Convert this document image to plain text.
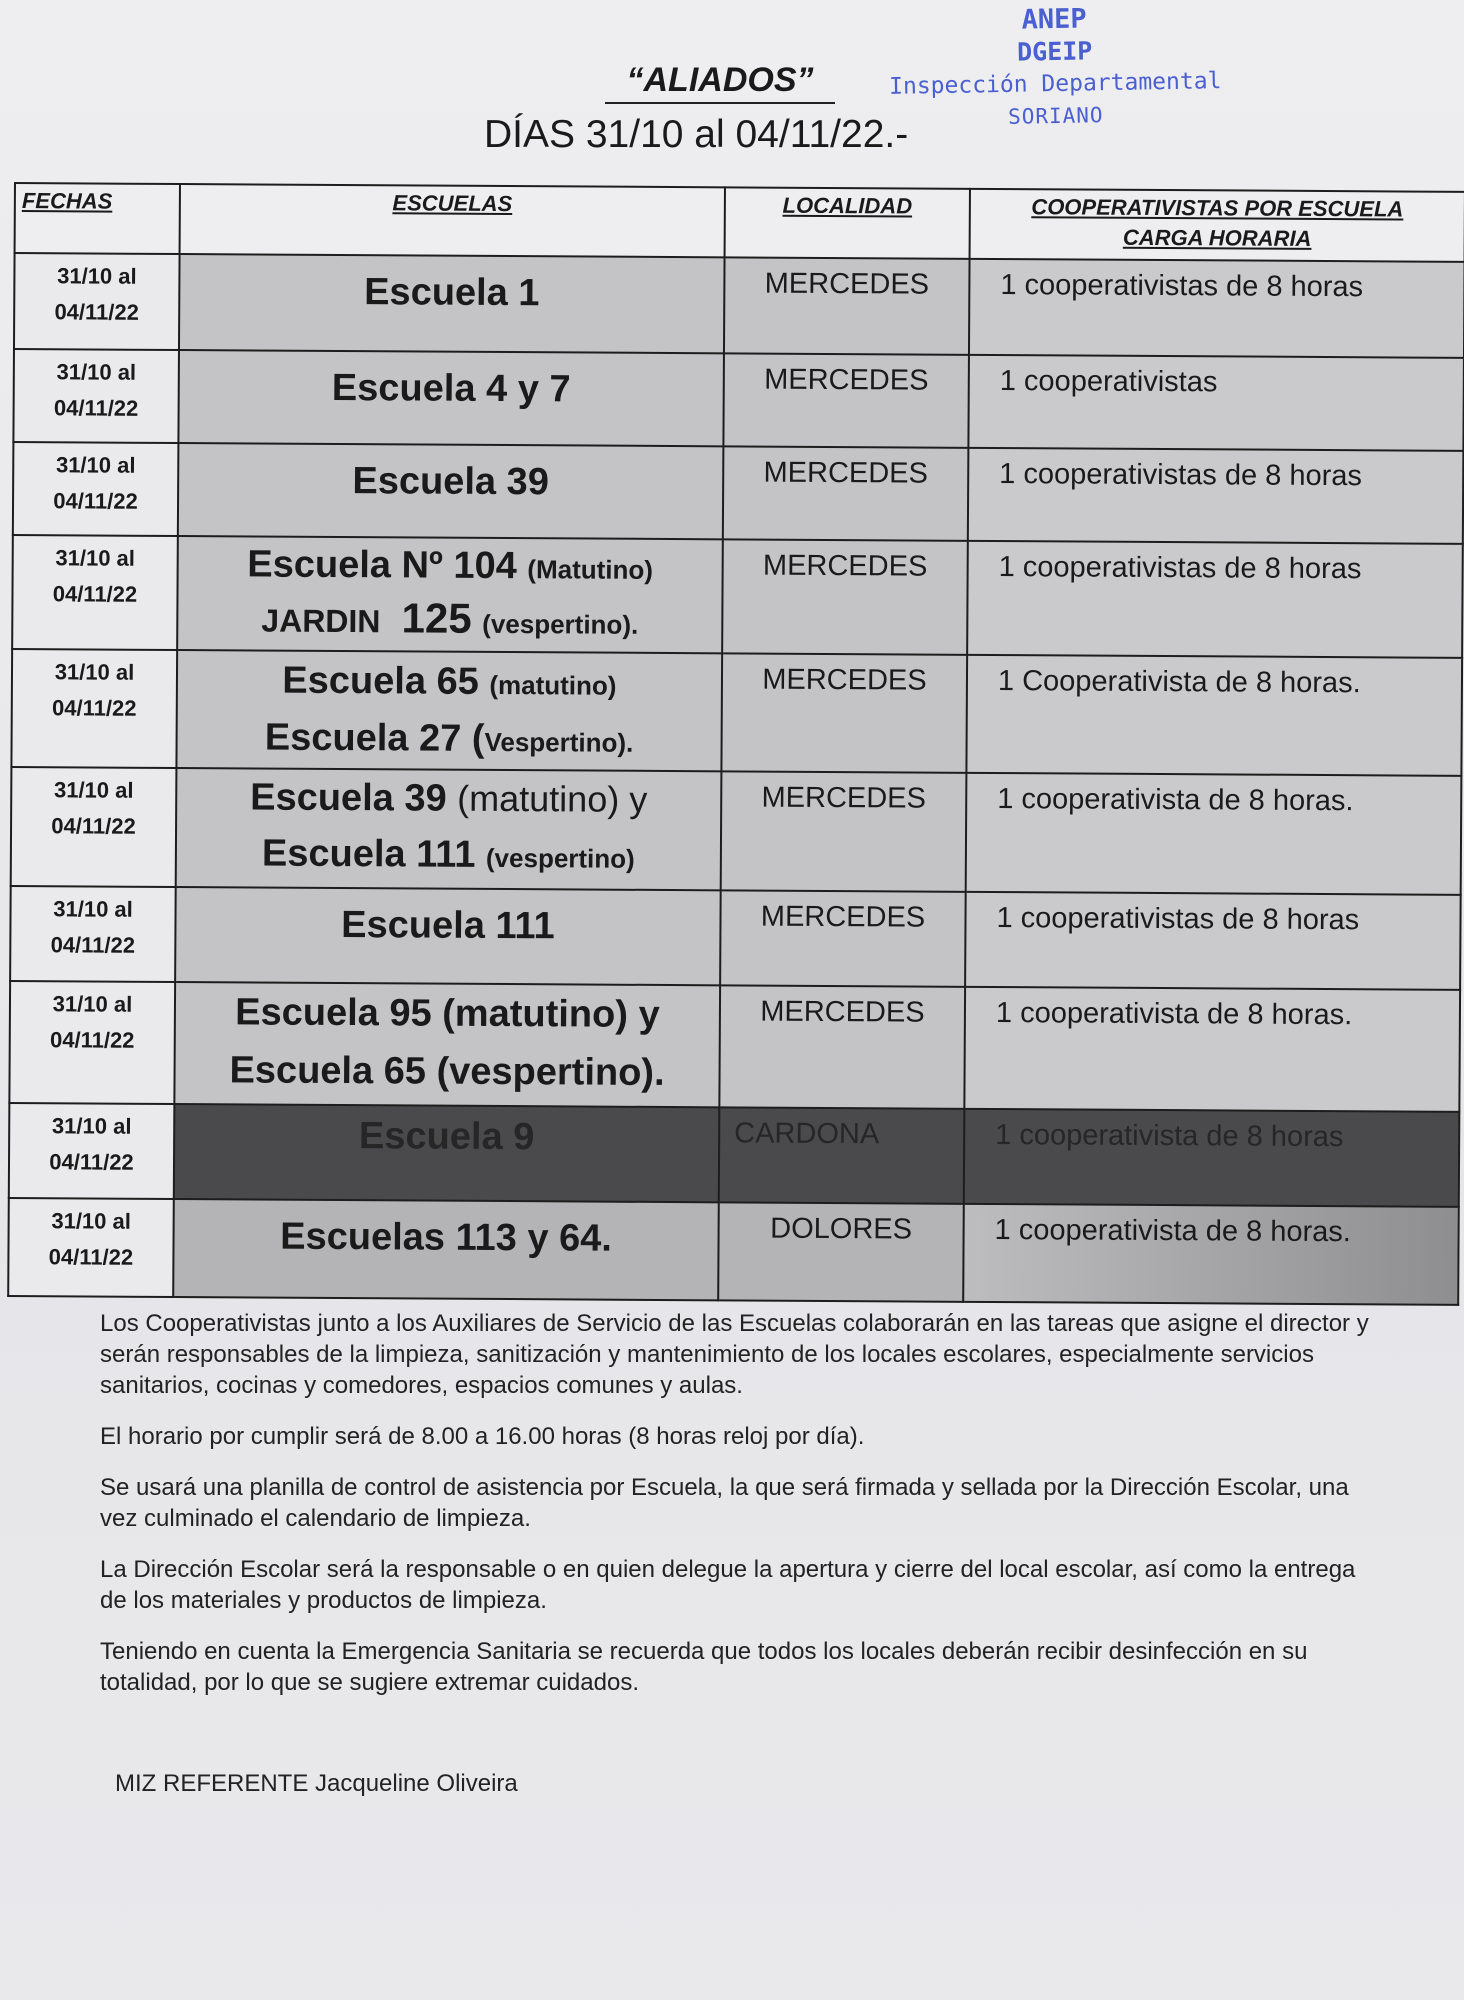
ANEP
DGEIP
Inspección Departamental
SORIANO
“ALIADOS”
DÍAS 31/10 al 04/11/22.-
FECHAS	ESCUELAS	LOCALIDAD	COOPERATIVISTAS POR ESCUELA
CARGA HORARIA
31/10 al
04/11/22	Escuela 1	MERCEDES	1 cooperativistas de 8 horas
31/10 al
04/11/22	Escuela 4 y 7	MERCEDES	1 cooperativistas
31/10 al
04/11/22	Escuela 39	MERCEDES	1 cooperativistas de 8 horas
31/10 al
04/11/22	Escuela Nº 104 (Matutino)
JARDIN 125 (vespertino).	MERCEDES	1 cooperativistas de 8 horas
31/10 al
04/11/22	Escuela 65 (matutino)
Escuela 27 (Vespertino).	MERCEDES	1 Cooperativista de 8 horas.
31/10 al
04/11/22	Escuela 39 (matutino) y
Escuela 111 (vespertino)	MERCEDES	1 cooperativista de 8 horas.
31/10 al
04/11/22	Escuela 111	MERCEDES	1 cooperativistas de 8 horas
31/10 al
04/11/22	Escuela 95 (matutino) y
Escuela 65 (vespertino).	MERCEDES	1 cooperativista de 8 horas.
31/10 al
04/11/22	Escuela 9	CARDONA	1 cooperativista de 8 horas
31/10 al
04/11/22	Escuelas 113 y 64.	DOLORES	1 cooperativista de 8 horas.

Los Cooperativistas junto a los Auxiliares de Servicio de las Escuelas colaborarán en las tareas que asigne el director y serán responsables de la limpieza, sanitización y mantenimiento de los locales escolares, especialmente servicios sanitarios, cocinas y comedores, espacios comunes y aulas.

El horario por cumplir será de 8.00 a 16.00 horas (8 horas reloj por día).

Se usará una planilla de control de asistencia por Escuela, la que será firmada y sellada por la Dirección Escolar, una vez culminado el calendario de limpieza.

La Dirección Escolar será la responsable o en quien delegue la apertura y cierre del local escolar, así como la entrega de los materiales y productos de limpieza.

Teniendo en cuenta la Emergencia Sanitaria se recuerda que todos los locales deberán recibir desinfección en su totalidad, por lo que se sugiere extremar cuidados.

MIZ REFERENTE Jacqueline Oliveira
